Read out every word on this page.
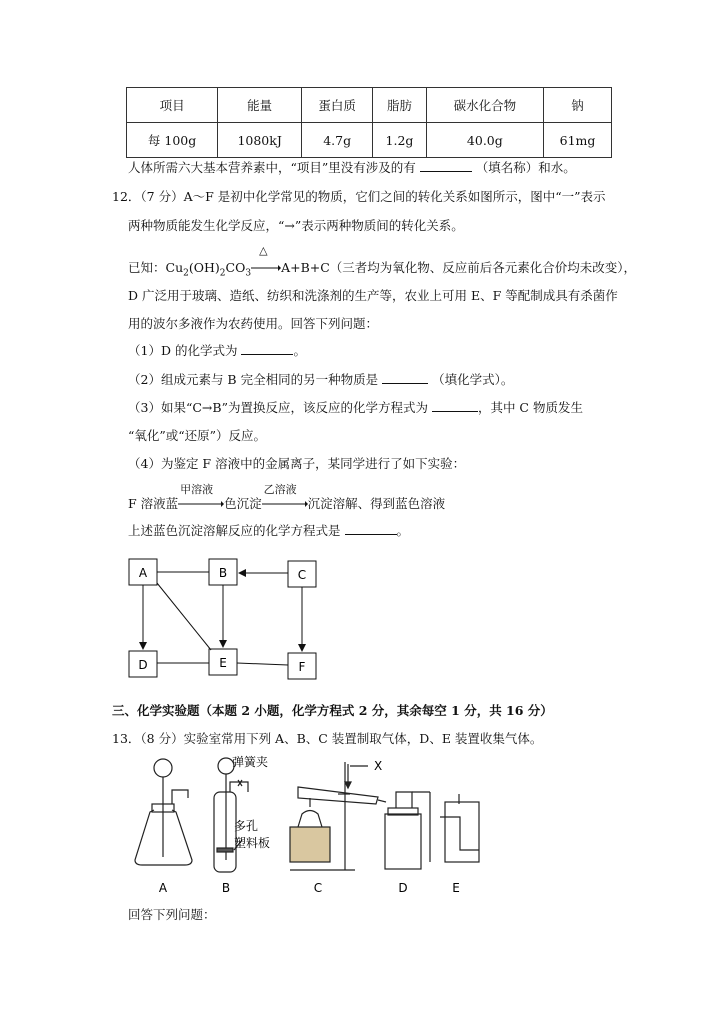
项目	能量	蛋白质	脂肪	碳水化合物	钠
每 100g	1080kJ	4.7g	1.2g	40.0g	61mg
人体所需六大基本营养素中，“项目”里没有涉及的有	（填名称）和水。
12．（7 分）A～F 是初中化学常见的物质，它们之间的转化关系如图所示，图中“一”表示
两种物质能发生化学反应，“→”表示两种物质间的转化关系。
已知：$Cu_2(OH)_2CO_3$
△
A+B+C（三者均为氧化物、反应前后各元素化合价均未改变），
D 广泛用于玻璃、造纸、纺织和洗涤剂的生产等，农业上可用 E、F 等配制成具有杀菌作
用的波尔多液作为农药使用。回答下列问题：
（1）D 的化学式为	。
（2）组成元素与 B 完全相同的另一种物质是	（填化学式）。
（3）如果“C→B”为置换反应，该反应的化学方程式为	，其中 C 物质发生
“氧化”或“还原”）反应。
（4）为鉴定 F 溶液中的金属离子，某同学进行了如下实验：
F 溶液蓝
甲溶液
色沉淀
乙溶液
沉淀溶解、得到蓝色溶液
上述蓝色沉淀溶解反应的化学方程式是	。
A	B	C
D	E	F
三、化学实验题（本题 2 小题，化学方程式 2 分，其余每空 1 分，共 16 分）
13．（8 分）实验室常用下列 A、B、C 装置制取气体，D、E 装置收集气体。
弹簧夹	X
多孔
塑料板
A	B	C	D	E
回答下列问题：
